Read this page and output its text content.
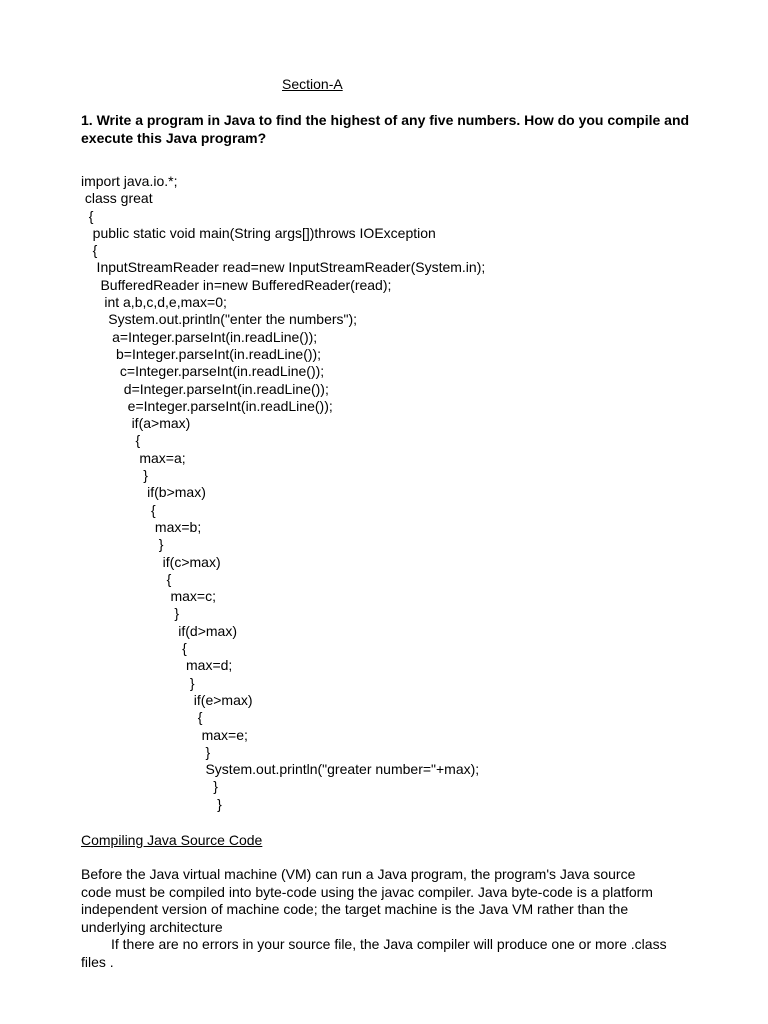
Section-A
1. Write a program in Java to find the highest of any five numbers. How do you compile and execute this Java program?
import java.io.*;
class great
{
public static void main(String args[])throws IOException
{
InputStreamReader read=new InputStreamReader(System.in);
BufferedReader in=new BufferedReader(read);
int a,b,c,d,e,max=0;
System.out.println("enter the numbers");
a=Integer.parseInt(in.readLine());
b=Integer.parseInt(in.readLine());
c=Integer.parseInt(in.readLine());
d=Integer.parseInt(in.readLine());
e=Integer.parseInt(in.readLine());
if(a>max)
{
max=a;
}
if(b>max)
{
max=b;
}
if(c>max)
{
max=c;
}
if(d>max)
{
max=d;
}
if(e>max)
{
max=e;
}
System.out.println("greater number="+max);
}
}
Compiling Java Source Code
Before the Java virtual machine (VM) can run a Java program, the program's Java source
code must be compiled into byte-code using the javac compiler. Java byte-code is a platform
independent version of machine code; the target machine is the Java VM rather than the
underlying architecture
If there are no errors in your source file, the Java compiler will produce one or more .class
files .
